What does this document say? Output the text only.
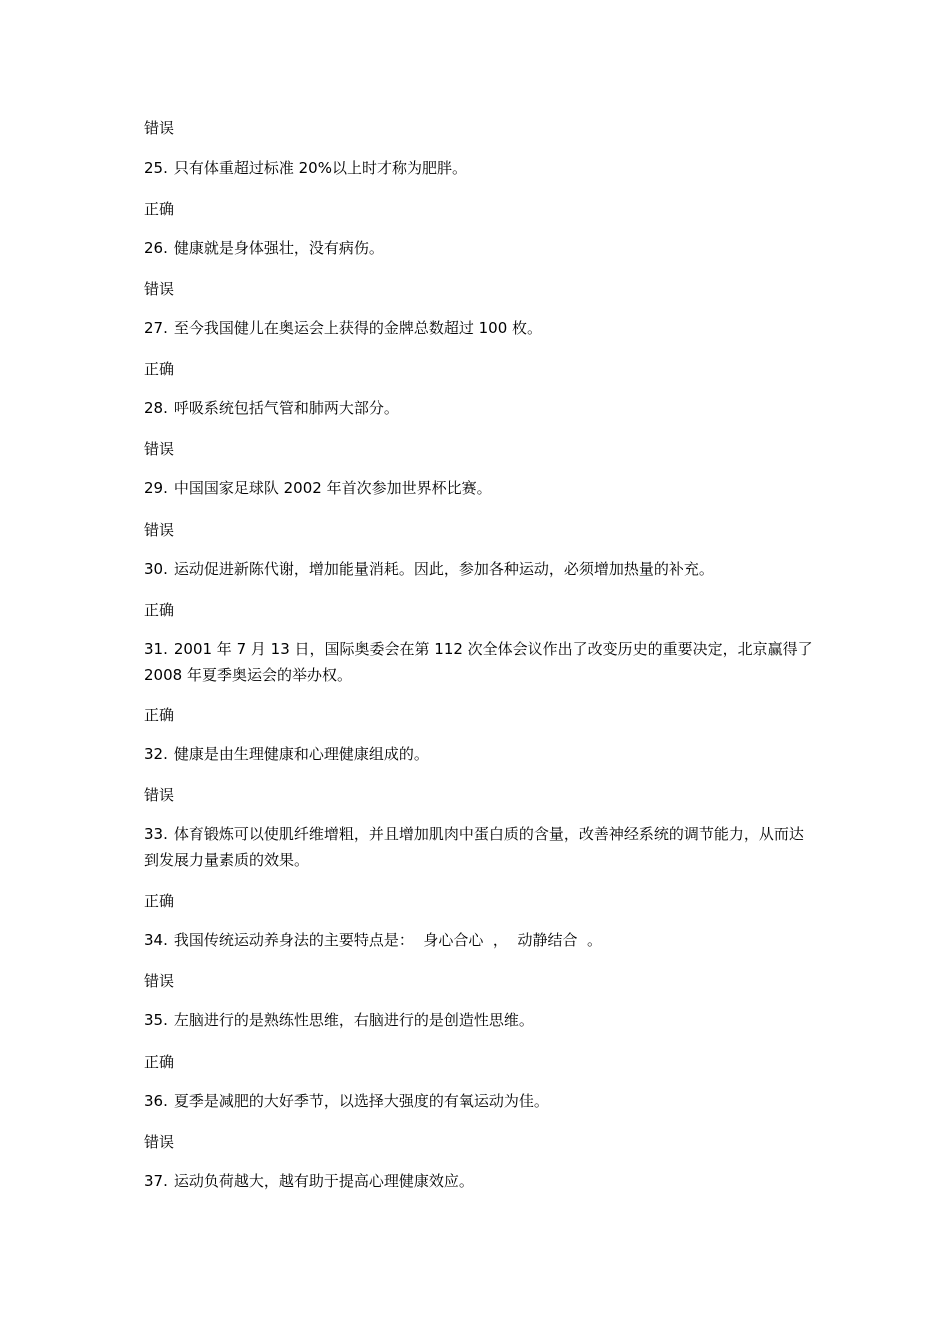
错误
25. 只有体重超过标准 20%以上时才称为肥胖。
正确
26. 健康就是身体强壮，没有病伤。
错误
27. 至今我国健儿在奥运会上获得的金牌总数超过 100 枚。
正确
28. 呼吸系统包括气管和肺两大部分。
错误
29. 中国国家足球队 2002 年首次参加世界杯比赛。
错误
30. 运动促进新陈代谢，增加能量消耗。因此，参加各种运动，必须增加热量的补充。
正确
31. 2001 年 7 月 13 日，国际奥委会在第 112 次全体会议作出了改变历史的重要决定，北京赢得了 2008 年夏季奥运会的举办权。
正确
32. 健康是由生理健康和心理健康组成的。
错误
33. 体育锻炼可以使肌纤维增粗，并且增加肌肉中蛋白质的含量，改善神经系统的调节能力，从而达到发展力量素质的效果。
正确
34. 我国传统运动养身法的主要特点是：  身心合心  ，  动静结合  。
错误
35. 左脑进行的是熟练性思维，右脑进行的是创造性思维。
正确
36. 夏季是减肥的大好季节，以选择大强度的有氧运动为佳。
错误
37. 运动负荷越大，越有助于提高心理健康效应。
